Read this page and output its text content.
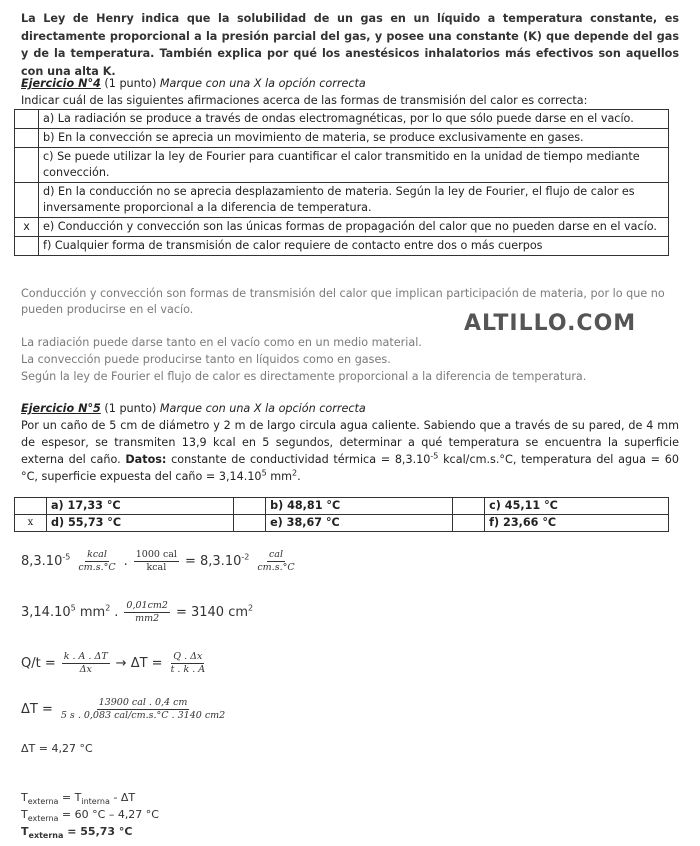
La Ley de Henry indica que la solubilidad de un gas en un líquido a temperatura constante, es directamente proporcional a la presión parcial del gas, y posee una constante (K) que depende del gas y de la temperatura. También explica por qué los anestésicos inhalatorios más efectivos son aquellos con una alta K.
Ejercicio N°4 (1 punto) Marque con una X la opción correcta
Indicar cuál de las siguientes afirmaciones acerca de las formas de transmisión del calor es correcta:
	a) La radiación se produce a través de ondas electromagnéticas, por lo que sólo puede darse en el vacío.
	b) En la convección se aprecia un movimiento de materia, se produce exclusivamente en gases.
	c) Se puede utilizar la ley de Fourier para cuantificar el calor transmitido en la unidad de tiempo mediante convección.
	d) En la conducción no se aprecia desplazamiento de materia. Según la ley de Fourier, el flujo de calor es inversamente proporcional a la diferencia de temperatura.
x	e) Conducción y convección son las únicas formas de propagación del calor que no pueden darse en el vacío.
	f) Cualquier forma de transmisión de calor requiere de contacto entre dos o más cuerpos
Conducción y convección son formas de transmisión del calor que implican participación de materia, por lo que no pueden producirse en el vacío.
La radiación puede darse tanto en el vacío como en un medio material.
La convección puede producirse tanto en líquidos como en gases.
Según la ley de Fourier el flujo de calor es directamente proporcional a la diferencia de temperatura.
ALTILLO.COM
Ejercicio N°5 (1 punto) Marque con una X la opción correcta
Por un caño de 5 cm de diámetro y 2 m de largo circula agua caliente. Sabiendo que a través de su pared, de 4 mm de espesor, se transmiten 13,9 kcal en 5 segundos, determinar a qué temperatura se encuentra la superficie externa del caño. Datos: constante de conductividad térmica = $8,3.10^{-5}$ kcal/cm.s.°C, temperatura del agua = 60 °C, superficie expuesta del caño = $3,14.10^5$ $mm^2$.
	a) 17,33 °C		b) 48,81 °C		c) 45,11 °C
x	d) 55,73 °C		e) 38,67 °C		f) 23,66 °C
$8,3.10^{-5} \frac{\text{kcal}}{cm.s.^\circ C}$ . $\frac{\text{1000 cal}}{\text{kcal}} = 8,3.10^{-2} \frac{\text{cal}}{cm.s.^\circ C}$
3,14.10$^5$ $mm^2$ . $\frac{0,01cm2}{mm2} = 3140$ $cm^2$
$Q/t = \frac{k . A . \Delta T}{\Delta x} \to \Delta T = \frac{Q . \Delta x}{t . k . A}$
$\Delta T = \frac{\text{13900 cal . 0,4 cm}}{\text{5 s . 0,083 cal/cm.s.°C . 3140 cm2}}$
ΔT = 4,27 °C
$T_{externa} = T_{interna} - \Delta T$
$T_{externa} = 60$ °C – 4,27 °C
$T_{externa} = 55,73$ °C
